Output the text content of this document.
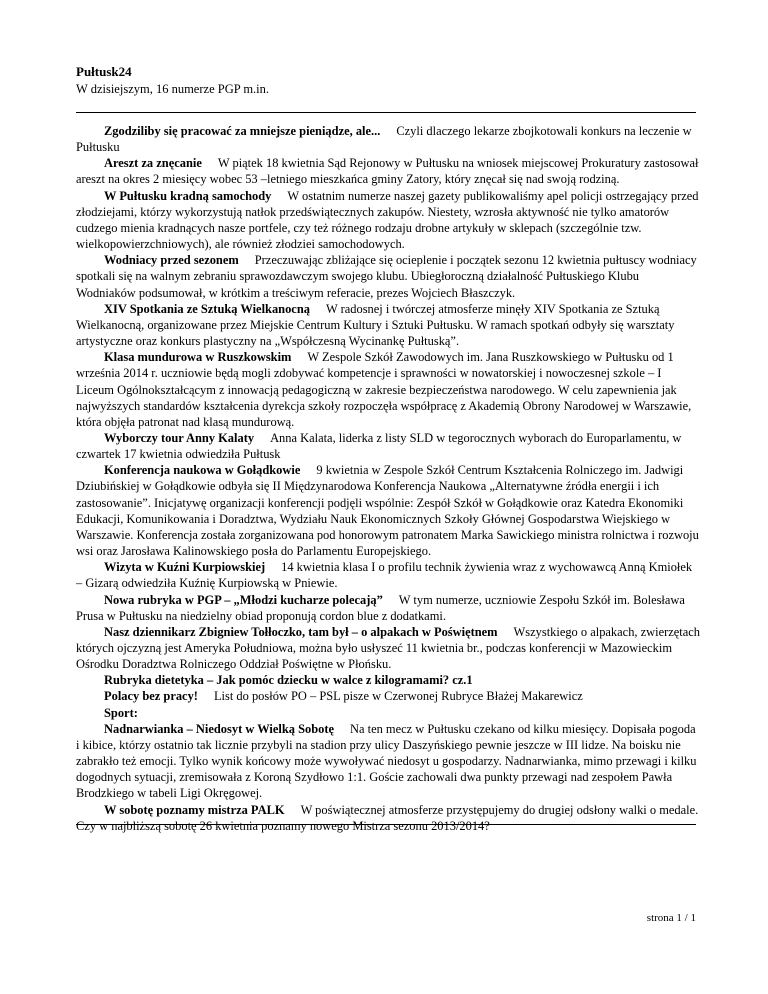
Pułtusk24

W dzisiejszym, 16 numerze PGP m.in.

Zgodziliby się pracować za mniejsze pieniądze, ale... Czyli dlaczego lekarze zbojkotowali konkurs na leczenie w Pułtusku

Areszt za znęcanie W piątek 18 kwietnia Sąd Rejonowy w Pułtusku na wniosek miejscowej Prokuratury zastosował areszt na okres 2 miesięcy wobec 53 –letniego mieszkańca gminy Zatory, który znęcał się nad swoją rodziną.

W Pułtusku kradną samochody W ostatnim numerze naszej gazety publikowaliśmy apel policji ostrzegający przed złodziejami, którzy wykorzystują natłok przedświątecznych zakupów. Niestety, wzrosła aktywność nie tylko amatorów cudzego mienia kradnących nasze portfele, czy też różnego rodzaju drobne artykuły w sklepach (szczególnie tzw. wielkopowierzchniowych), ale również złodziei samochodowych.

Wodniacy przed sezonem Przeczuwając zbliżające się ocieplenie i początek sezonu 12 kwietnia pułtuscy wodniacy spotkali się na walnym zebraniu sprawozdawczym swojego klubu. Ubiegłoroczną działalność Pułtuskiego Klubu Wodniaków podsumował, w krótkim a treściwym referacie, prezes Wojciech Błaszczyk.

XIV Spotkania ze Sztuką Wielkanocną W radosnej i twórczej atmosferze minęły XIV Spotkania ze Sztuką Wielkanocną, organizowane przez Miejskie Centrum Kultury i Sztuki Pułtusku. W ramach spotkań odbyły się warsztaty artystyczne oraz konkurs plastyczny na „Współczesną Wycinankę Pułtuską”.

Klasa mundurowa w Ruszkowskim W Zespole Szkół Zawodowych im. Jana Ruszkowskiego w Pułtusku od 1 września 2014 r. uczniowie będą mogli zdobywać kompetencje i sprawności w nowatorskiej i nowoczesnej szkole – I Liceum Ogólnokształcącym z innowacją pedagogiczną w zakresie bezpieczeństwa narodowego. W celu zapewnienia jak najwyższych standardów kształcenia dyrekcja szkoły rozpoczęła współpracę z Akademią Obrony Narodowej w Warszawie, która objęła patronat nad klasą mundurową.

Wyborczy tour Anny Kalaty Anna Kalata, liderka z listy SLD w tegorocznych wyborach do Europarlamentu, w czwartek 17 kwietnia odwiedziła Pułtusk

Konferencja naukowa w Gołądkowie 9 kwietnia w Zespole Szkół Centrum Kształcenia Rolniczego im. Jadwigi Dziubińskiej w Gołądkowie odbyła się II Międzynarodowa Konferencja Naukowa „Alternatywne źródła energii i ich zastosowanie”. Inicjatywę organizacji konferencji podjęli wspólnie: Zespół Szkół w Gołądkowie oraz Katedra Ekonomiki Edukacji, Komunikowania i Doradztwa, Wydziału Nauk Ekonomicznych Szkoły Głównej Gospodarstwa Wiejskiego w Warszawie. Konferencja została zorganizowana pod honorowym patronatem Marka Sawickiego ministra rolnictwa i rozwoju wsi oraz Jarosława Kalinowskiego posła do Parlamentu Europejskiego.

Wizyta w Kuźni Kurpiowskiej 14 kwietnia klasa I o profilu technik żywienia wraz z wychowawcą Anną Kmiołek – Gizarą odwiedziła Kuźnię Kurpiowską w Pniewie.

Nowa rubryka w PGP – „Młodzi kucharze polecają” W tym numerze, uczniowie Zespołu Szkół im. Bolesława Prusa w Pułtusku na niedzielny obiad proponują cordon blue z dodatkami.

Nasz dziennikarz Zbigniew Tołłoczko, tam był – o alpakach w Poświętnem Wszystkiego o alpakach, zwierzętach których ojczyzną jest Ameryka Południowa, można było usłyszeć 11 kwietnia br., podczas konferencji w Mazowieckim Ośrodku Doradztwa Rolniczego Oddział Poświętne w Płońsku.

Rubryka dietetyka – Jak pomóc dziecku w walce z kilogramami? cz.1

Polacy bez pracy! List do posłów PO – PSL pisze w Czerwonej Rubryce Błażej Makarewicz

Sport:

Nadnarwianka – Niedosyt w Wielką Sobotę Na ten mecz w Pułtusku czekano od kilku miesięcy. Dopisała pogoda i kibice, którzy ostatnio tak licznie przybyli na stadion przy ulicy Daszyńskiego pewnie jeszcze w III lidze. Na boisku nie zabrakło też emocji. Tylko wynik końcowy może wywoływać niedosyt u gospodarzy. Nadnarwianka, mimo przewagi i kilku dogodnych sytuacji, zremisowała z Koroną Szydłowo 1:1. Goście zachowali dwa punkty przewagi nad zespołem Pawła Brodzkiego w tabeli Ligi Okręgowej.

W sobotę poznamy mistrza PALK W poświątecznej atmosferze przystępujemy do drugiej odsłony walki o medale. Czy w najbliższą sobotę 26 kwietnia poznamy nowego Mistrza sezonu 2013/2014?

strona 1 / 1
